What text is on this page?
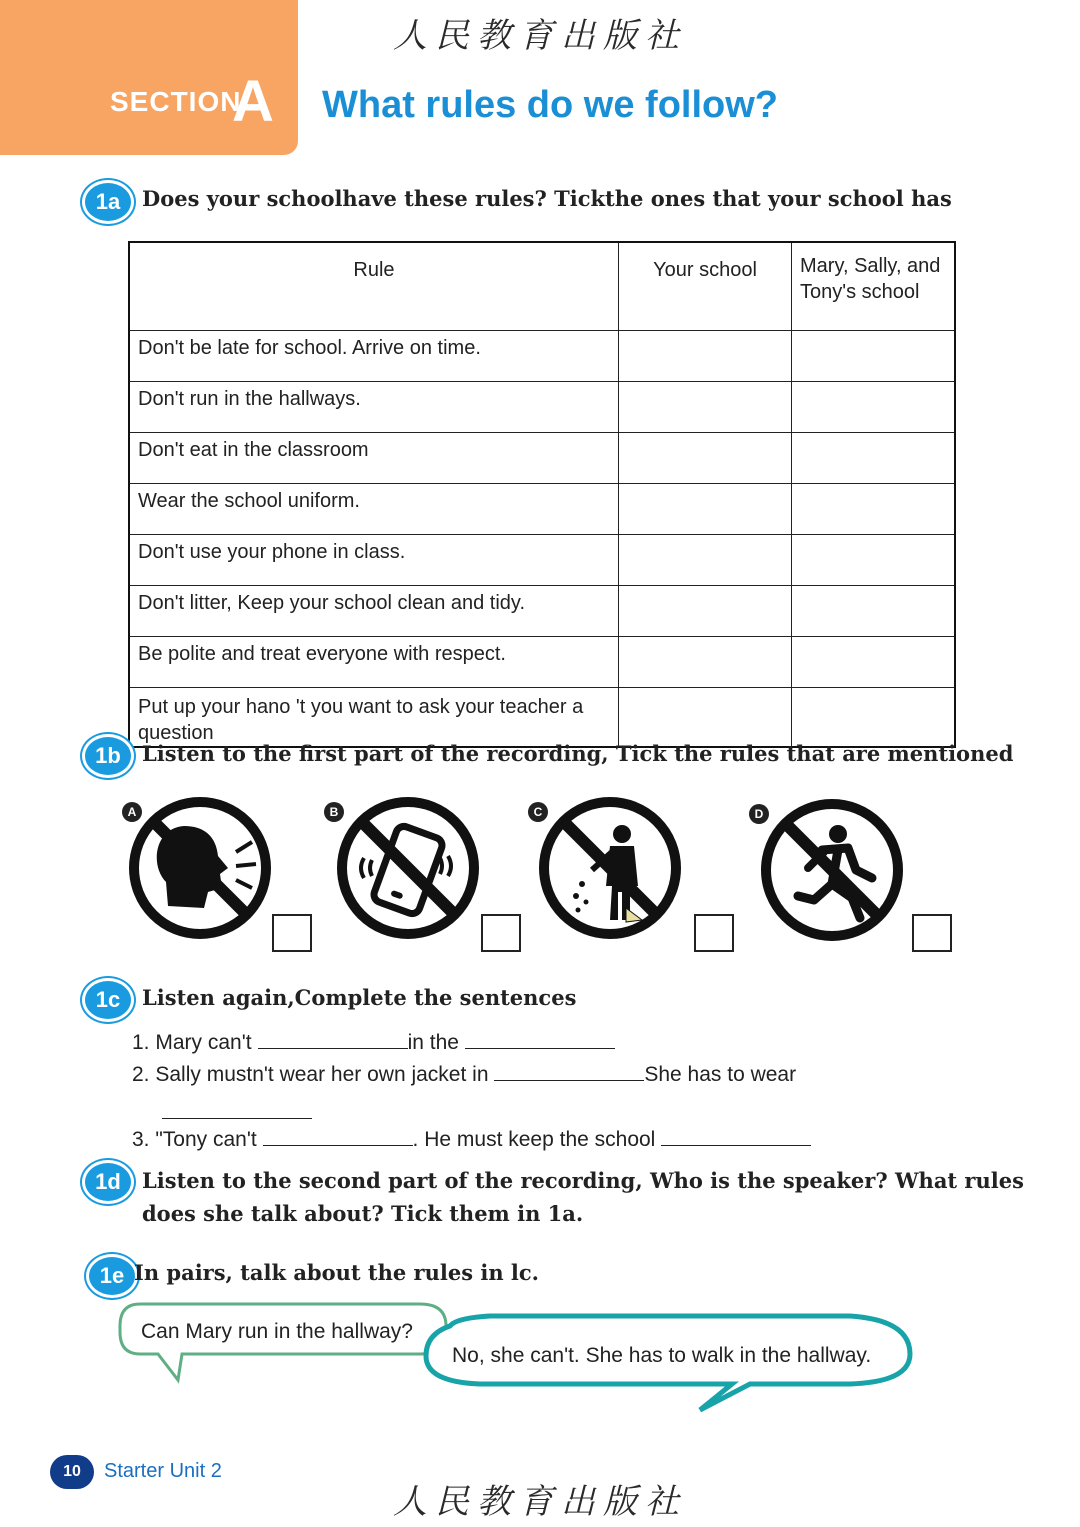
人民教育出版社
SECTION
A What rules do we follow?
1a	Does your schoolhave these rules? Tickthe ones that your school has
Rule	Your school	Mary, Sally, and Tony's school
Don't be late for school. Arrive on time.		
Don't run in the hallways.		
Don't eat in the classroom		
Wear the school uniform.		
Don't use your phone in class.		
Don't litter, Keep your school clean and tidy.		
Be polite and treat everyone with respect.		
Put up your hano 't you want to ask your teacher a question		
1b	Listen to the first part of the recording, Tick the rules that are mentioned
A	B	C	D
1c	Listen again,Complete the sentences
1. Mary can't	in the
2. Sally mustn't wear her own jacket in	She has to wear
3. "Tony can't	. He must keep the school
1d	Listen to the second part of the recording, Who is the speaker? What rules
does she talk about? Tick them in 1a.
1e In pairs, talk about the rules in lc.
Can Mary run in the hallway?
No, she can't. She has to walk in the hallway.
10	Starter Unit 2
人民教育出版社
